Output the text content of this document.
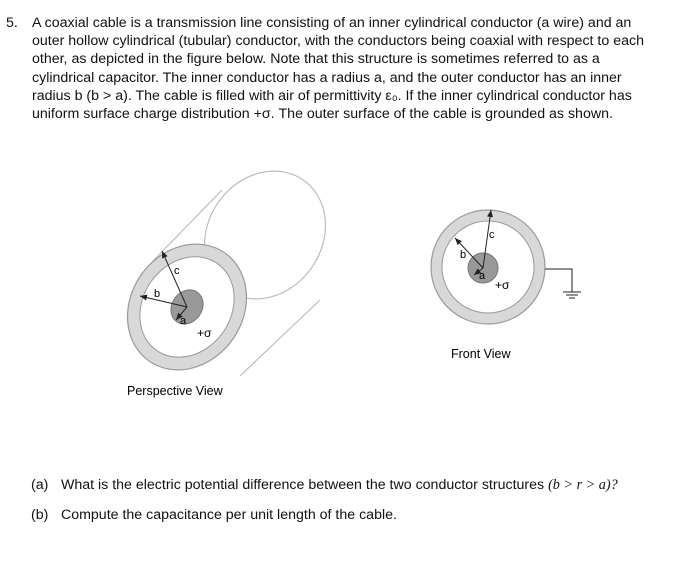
5. A coaxial cable is a transmission line consisting of an inner cylindrical conductor (a wire) and an
outer hollow cylindrical (tubular) conductor, with the conductors being coaxial with respect to each
other, as depicted in the figure below. Note that this structure is sometimes referred to as a
cylindrical capacitor. The inner conductor has a radius a, and the outer conductor has an inner
radius b (b > a). The cable is filled with air of permittivity ε₀. If the inner cylindrical conductor has
uniform surface charge distribution +σ. The outer surface of the cable is grounded as shown.
a
b
c
+σ
Perspective View
a
b
c
+σ
Front View
(a) What is the electric potential difference between the two conductor structures (b > r > a)?
(b) Compute the capacitance per unit length of the cable.
